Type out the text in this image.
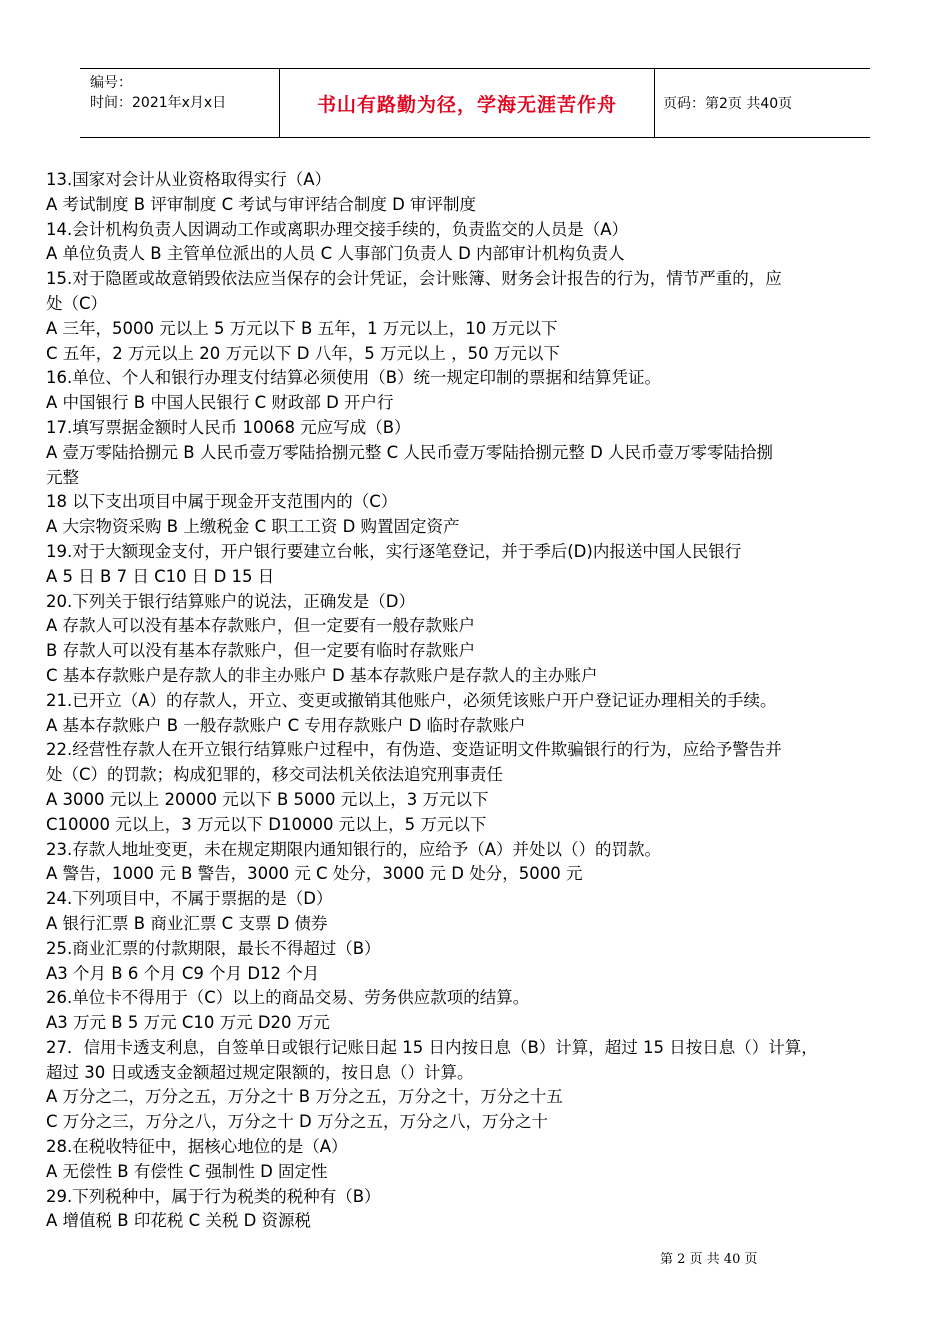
编号：
时间：2021年x月x日	书山有路勤为径，学海无涯苦作舟	页码：第2页 共40页
13.国家对会计从业资格取得实行（A）
A 考试制度 B 评审制度 C 考试与审评结合制度 D 审评制度
14.会计机构负责人因调动工作或离职办理交接手续的，负责监交的人员是（A）
A 单位负责人 B 主管单位派出的人员 C 人事部门负责人 D 内部审计机构负责人
15.对于隐匿或故意销毁依法应当保存的会计凭证，会计账簿、财务会计报告的行为，情节严重的，应
处（C）
A 三年，5000 元以上 5 万元以下 B 五年，1 万元以上，10 万元以下
C 五年，2 万元以上 20 万元以下 D 八年，5 万元以上 ，50 万元以下
16.单位、个人和银行办理支付结算必须使用（B）统一规定印制的票据和结算凭证。
A 中国银行 B 中国人民银行 C 财政部 D 开户行
17.填写票据金额时人民币 10068 元应写成（B）
A 壹万零陆拾捌元 B 人民币壹万零陆拾捌元整 C 人民币壹万零陆拾捌元整 D 人民币壹万零零陆拾捌
元整
18 以下支出项目中属于现金开支范围内的（C）
A 大宗物资采购 B 上缴税金 C 职工工资 D 购置固定资产
19.对于大额现金支付，开户银行要建立台帐，实行逐笔登记，并于季后(D)内报送中国人民银行
A 5 日 B 7 日 C10 日 D 15 日
20.下列关于银行结算账户的说法，正确发是（D）
A 存款人可以没有基本存款账户，但一定要有一般存款账户
B 存款人可以没有基本存款账户，但一定要有临时存款账户
C 基本存款账户是存款人的非主办账户 D 基本存款账户是存款人的主办账户
21.已开立（A）的存款人，开立、变更或撤销其他账户，必须凭该账户开户登记证办理相关的手续。
A 基本存款账户 B 一般存款账户 C 专用存款账户 D 临时存款账户
22.经营性存款人在开立银行结算账户过程中，有伪造、变造证明文件欺骗银行的行为，应给予警告并
处（C）的罚款；构成犯罪的，移交司法机关依法追究刑事责任
A 3000 元以上 20000 元以下 B 5000 元以上，3 万元以下
C10000 元以上，3 万元以下 D10000 元以上，5 万元以下
23.存款人地址变更，未在规定期限内通知银行的，应给予（A）并处以（）的罚款。
A 警告，1000 元 B 警告，3000 元 C 处分，3000 元 D 处分，5000 元
24.下列项目中，不属于票据的是（D）
A 银行汇票 B 商业汇票 C 支票 D 债券
25.商业汇票的付款期限，最长不得超过（B）
A3 个月 B 6 个月 C9 个月 D12 个月
26.单位卡不得用于（C）以上的商品交易、劳务供应款项的结算。
A3 万元 B 5 万元 C10 万元 D20 万元
27．信用卡透支利息，自签单日或银行记账日起 15 日内按日息（B）计算，超过 15 日按日息（）计算，
超过 30 日或透支金额超过规定限额的，按日息（）计算。
A 万分之二，万分之五，万分之十 B 万分之五，万分之十，万分之十五
C 万分之三，万分之八，万分之十 D 万分之五，万分之八，万分之十
28.在税收特征中，据核心地位的是（A）
A 无偿性 B 有偿性 C 强制性 D 固定性
29.下列税种中，属于行为税类的税种有（B）
A 增值税 B 印花税 C 关税 D 资源税
第 2 页 共 40 页
